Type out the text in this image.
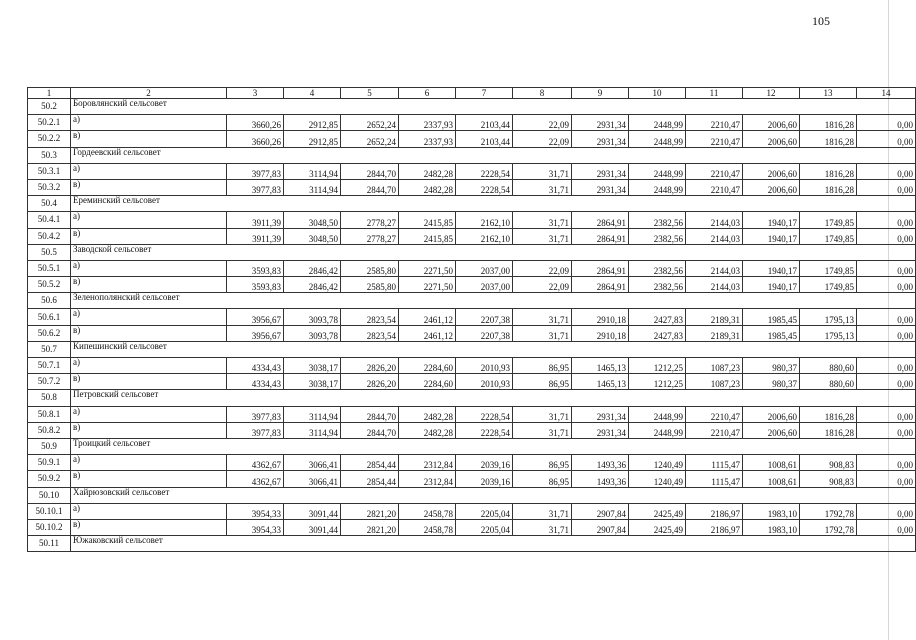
105
1	2	3	4	5	6	7	8	9	10	11	12	13	14
50.2	Боровлянский сельсовет												
50.2.1	а)	3660,26	2912,85	2652,24	2337,93	2103,44	22,09	2931,34	2448,99	2210,47	2006,60	1816,28	0,00
50.2.2	в)	3660,26	2912,85	2652,24	2337,93	2103,44	22,09	2931,34	2448,99	2210,47	2006,60	1816,28	0,00
50.3	Гордеевский сельсовет												
50.3.1	а)	3977,83	3114,94	2844,70	2482,28	2228,54	31,71	2931,34	2448,99	2210,47	2006,60	1816,28	0,00
50.3.2	в)	3977,83	3114,94	2844,70	2482,28	2228,54	31,71	2931,34	2448,99	2210,47	2006,60	1816,28	0,00
50.4	Ереминский сельсовет												
50.4.1	а)	3911,39	3048,50	2778,27	2415,85	2162,10	31,71	2864,91	2382,56	2144,03	1940,17	1749,85	0,00
50.4.2	в)	3911,39	3048,50	2778,27	2415,85	2162,10	31,71	2864,91	2382,56	2144,03	1940,17	1749,85	0,00
50.5	Заводской сельсовет												
50.5.1	а)	3593,83	2846,42	2585,80	2271,50	2037,00	22,09	2864,91	2382,56	2144,03	1940,17	1749,85	0,00
50.5.2	в)	3593,83	2846,42	2585,80	2271,50	2037,00	22,09	2864,91	2382,56	2144,03	1940,17	1749,85	0,00
50.6	Зеленополянский сельсовет												
50.6.1	а)	3956,67	3093,78	2823,54	2461,12	2207,38	31,71	2910,18	2427,83	2189,31	1985,45	1795,13	0,00
50.6.2	в)	3956,67	3093,78	2823,54	2461,12	2207,38	31,71	2910,18	2427,83	2189,31	1985,45	1795,13	0,00
50.7	Кипешинский сельсовет												
50.7.1	а)	4334,43	3038,17	2826,20	2284,60	2010,93	86,95	1465,13	1212,25	1087,23	980,37	880,60	0,00
50.7.2	в)	4334,43	3038,17	2826,20	2284,60	2010,93	86,95	1465,13	1212,25	1087,23	980,37	880,60	0,00
50.8	Петровский сельсовет												
50.8.1	а)	3977,83	3114,94	2844,70	2482,28	2228,54	31,71	2931,34	2448,99	2210,47	2006,60	1816,28	0,00
50.8.2	в)	3977,83	3114,94	2844,70	2482,28	2228,54	31,71	2931,34	2448,99	2210,47	2006,60	1816,28	0,00
50.9	Троицкий сельсовет												
50.9.1	а)	4362,67	3066,41	2854,44	2312,84	2039,16	86,95	1493,36	1240,49	1115,47	1008,61	908,83	0,00
50.9.2	в)	4362,67	3066,41	2854,44	2312,84	2039,16	86,95	1493,36	1240,49	1115,47	1008,61	908,83	0,00
50.10	Хайрюзовский сельсовет												
50.10.1	а)	3954,33	3091,44	2821,20	2458,78	2205,04	31,71	2907,84	2425,49	2186,97	1983,10	1792,78	0,00
50.10.2	в)	3954,33	3091,44	2821,20	2458,78	2205,04	31,71	2907,84	2425,49	2186,97	1983,10	1792,78	0,00
50.11	Южаковский сельсовет												
